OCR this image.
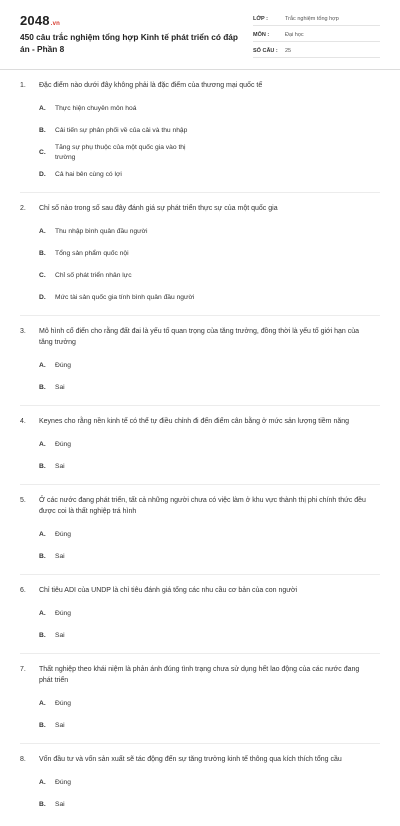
2048.vn
450 câu trắc nghiệm tổng hợp Kinh tế phát triển có đáp án - Phần 8
LỚP :	Trắc nghiệm tổng hợp
MÔN :	Đại học
SỐ CÂU :	25
1.	Đặc điểm nào dưới đây không phải là đặc điểm của thương mại quốc tế
A.	Thực hiện chuyên môn hoá
B.	Cải tiến sự phân phối về của cải và thu nhập
C.
Tăng sự phụ thuộc của một quốc gia vào thị trường
D.	Cả hai bên cùng có lợi
2.	Chỉ số nào trong số sau đây đánh giá sự phát triển thực sự của một quốc gia
A.	Thu nhập bình quân đầu người
B.	Tổng sản phẩm quốc nội
C.	Chỉ số phát triển nhân lực
D.	Mức tài sản quốc gia tính bình quân đầu người
3.	Mô hình cổ điển cho rằng đất đai là yếu tố quan trọng của tăng trưởng, đồng thời là yếu tố giới hạn của tăng trưởng
A.	Đúng
B.	Sai
4.	Keynes cho rằng nền kinh tế có thể tự điều chỉnh đi đến điểm cân bằng ở mức sản lượng tiềm năng
A.	Đúng
B.	Sai
5.	Ở các nước đang phát triển, tất cả những người chưa có việc làm ở khu vực thành thị phi chính thức đều được coi là thất nghiệp trá hình
A.	Đúng
B.	Sai
6.	Chỉ tiêu ADI của UNDP là chỉ tiêu đánh giá tổng các nhu cầu cơ bản của con người
A.	Đúng
B.	Sai
7.	Thất nghiệp theo khái niệm là phản ánh đúng tình trạng chưa sử dụng hết lao động của các nước đang phát triển
A.	Đúng
B.	Sai
8.	Vốn đầu tư và vốn sản xuất sẽ tác động đến sự tăng trưởng kinh tế thông qua kích thích tổng cầu
A.	Đúng
B.	Sai
